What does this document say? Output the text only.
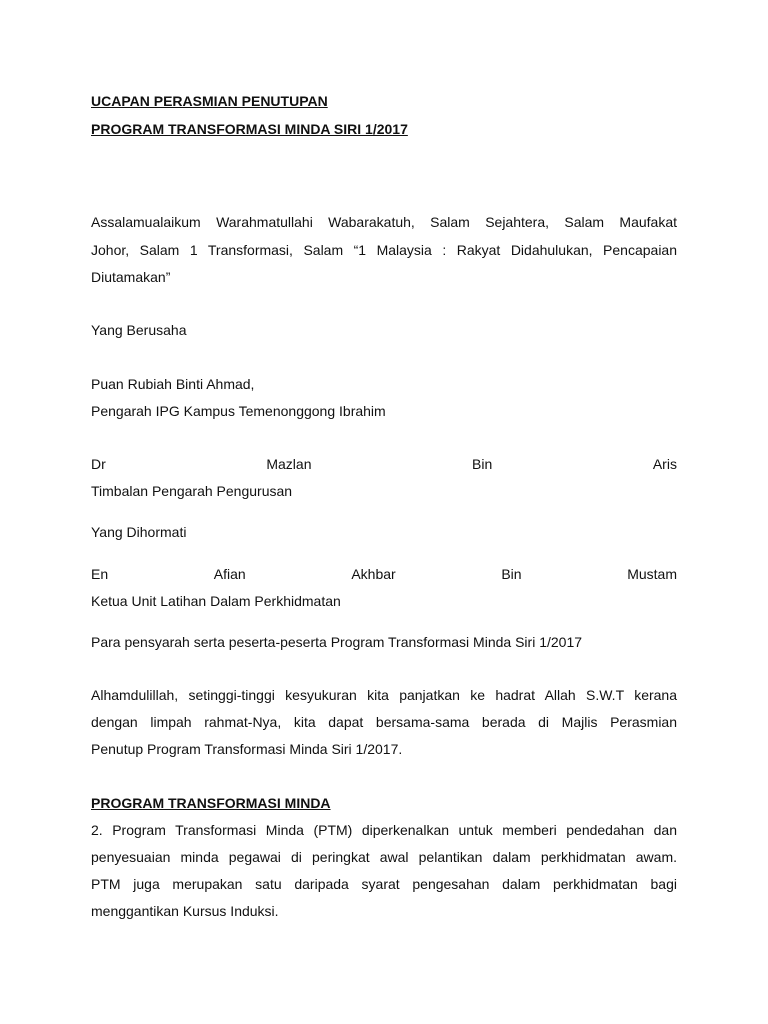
UCAPAN PERASMIAN PENUTUPAN
PROGRAM TRANSFORMASI MINDA SIRI 1/2017
Assalamualaikum Warahmatullahi Wabarakatuh, Salam Sejahtera, Salam Maufakat
Johor, Salam 1 Transformasi, Salam “1 Malaysia : Rakyat Didahulukan, Pencapaian
Diutamakan”
Yang Berusaha
Puan Rubiah Binti Ahmad,
Pengarah IPG Kampus Temenonggong Ibrahim
Dr	Mazlan	Bin	Aris
Timbalan Pengarah Pengurusan
Yang Dihormati
En	Afian	Akhbar	Bin	Mustam
Ketua Unit Latihan Dalam Perkhidmatan
Para pensyarah serta peserta-peserta Program Transformasi Minda Siri 1/2017
Alhamdulillah, setinggi-tinggi kesyukuran kita panjatkan ke hadrat Allah S.W.T kerana
dengan limpah rahmat-Nya, kita dapat bersama-sama berada di Majlis Perasmian
Penutup Program Transformasi Minda Siri 1/2017.
PROGRAM TRANSFORMASI MINDA
2. Program Transformasi Minda (PTM) diperkenalkan untuk memberi pendedahan dan
penyesuaian minda pegawai di peringkat awal pelantikan dalam perkhidmatan awam.
PTM juga merupakan satu daripada syarat pengesahan dalam perkhidmatan bagi
menggantikan Kursus Induksi.
